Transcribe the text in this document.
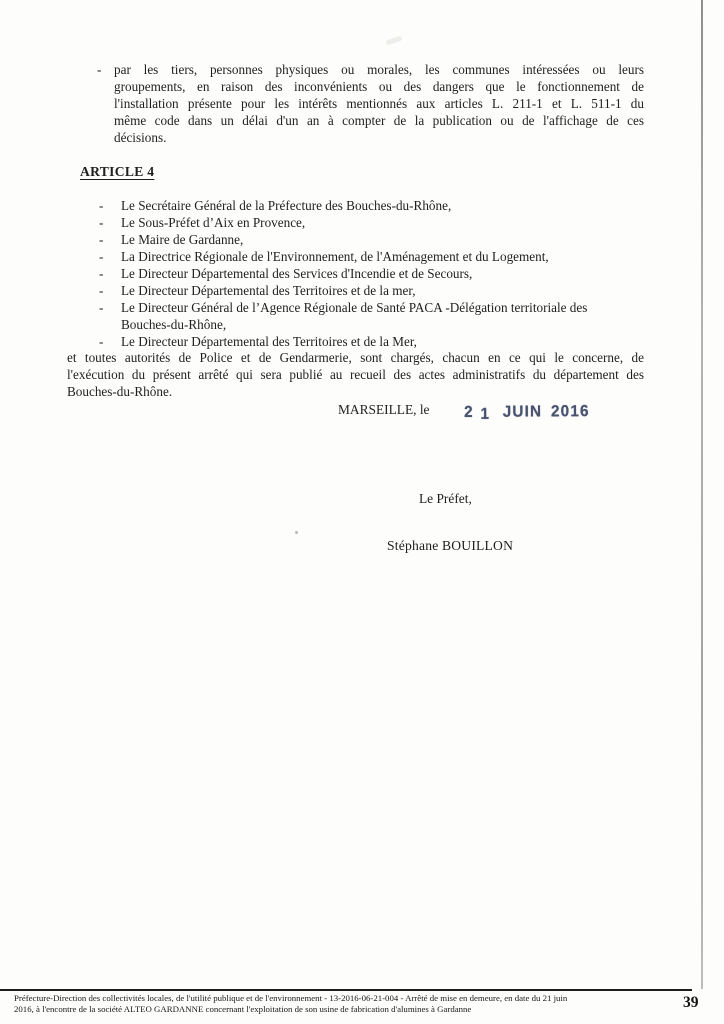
- par les tiers, personnes physiques ou morales, les communes intéressées ou leurs
groupements, en raison des inconvénients ou des dangers que le fonctionnement de
l'installation présente pour les intérêts mentionnés aux articles L. 211-1 et L. 511-1 du
même code dans un délai d'un an à compter de la publication ou de l'affichage de ces
décisions.
ARTICLE 4
-	Le Secrétaire Général de la Préfecture des Bouches-du-Rhône,
-	Le Sous-Préfet d’Aix en Provence,
-	Le Maire de Gardanne,
-	La Directrice Régionale de l'Environnement, de l'Aménagement et du Logement,
-	Le Directeur Départemental des Services d'Incendie et de Secours,
-	Le Directeur Départemental des Territoires et de la mer,
-	Le Directeur Général de l’Agence Régionale de Santé PACA -Délégation territoriale des
Bouches-du-Rhône,
-	Le Directeur Départemental des Territoires et de la Mer,
et toutes autorités de Police et de Gendarmerie, sont chargés, chacun en ce qui le concerne, de
l'exécution du présent arrêté qui sera publié au recueil des actes administratifs du département des
Bouches-du-Rhône.
MARSEILLE, le 2 1 JUIN 2016
Le Préfet,
Stéphane BOUILLON
Préfecture-Direction des collectivités locales, de l'utilité publique et de l'environnement - 13-2016-06-21-004 - Arrêté de mise en demeure, en date du 21 juin
2016, à l'encontre de la société ALTEO GARDANNE concernant l'exploitation de son usine de fabrication d'alumines à Gardanne	39
